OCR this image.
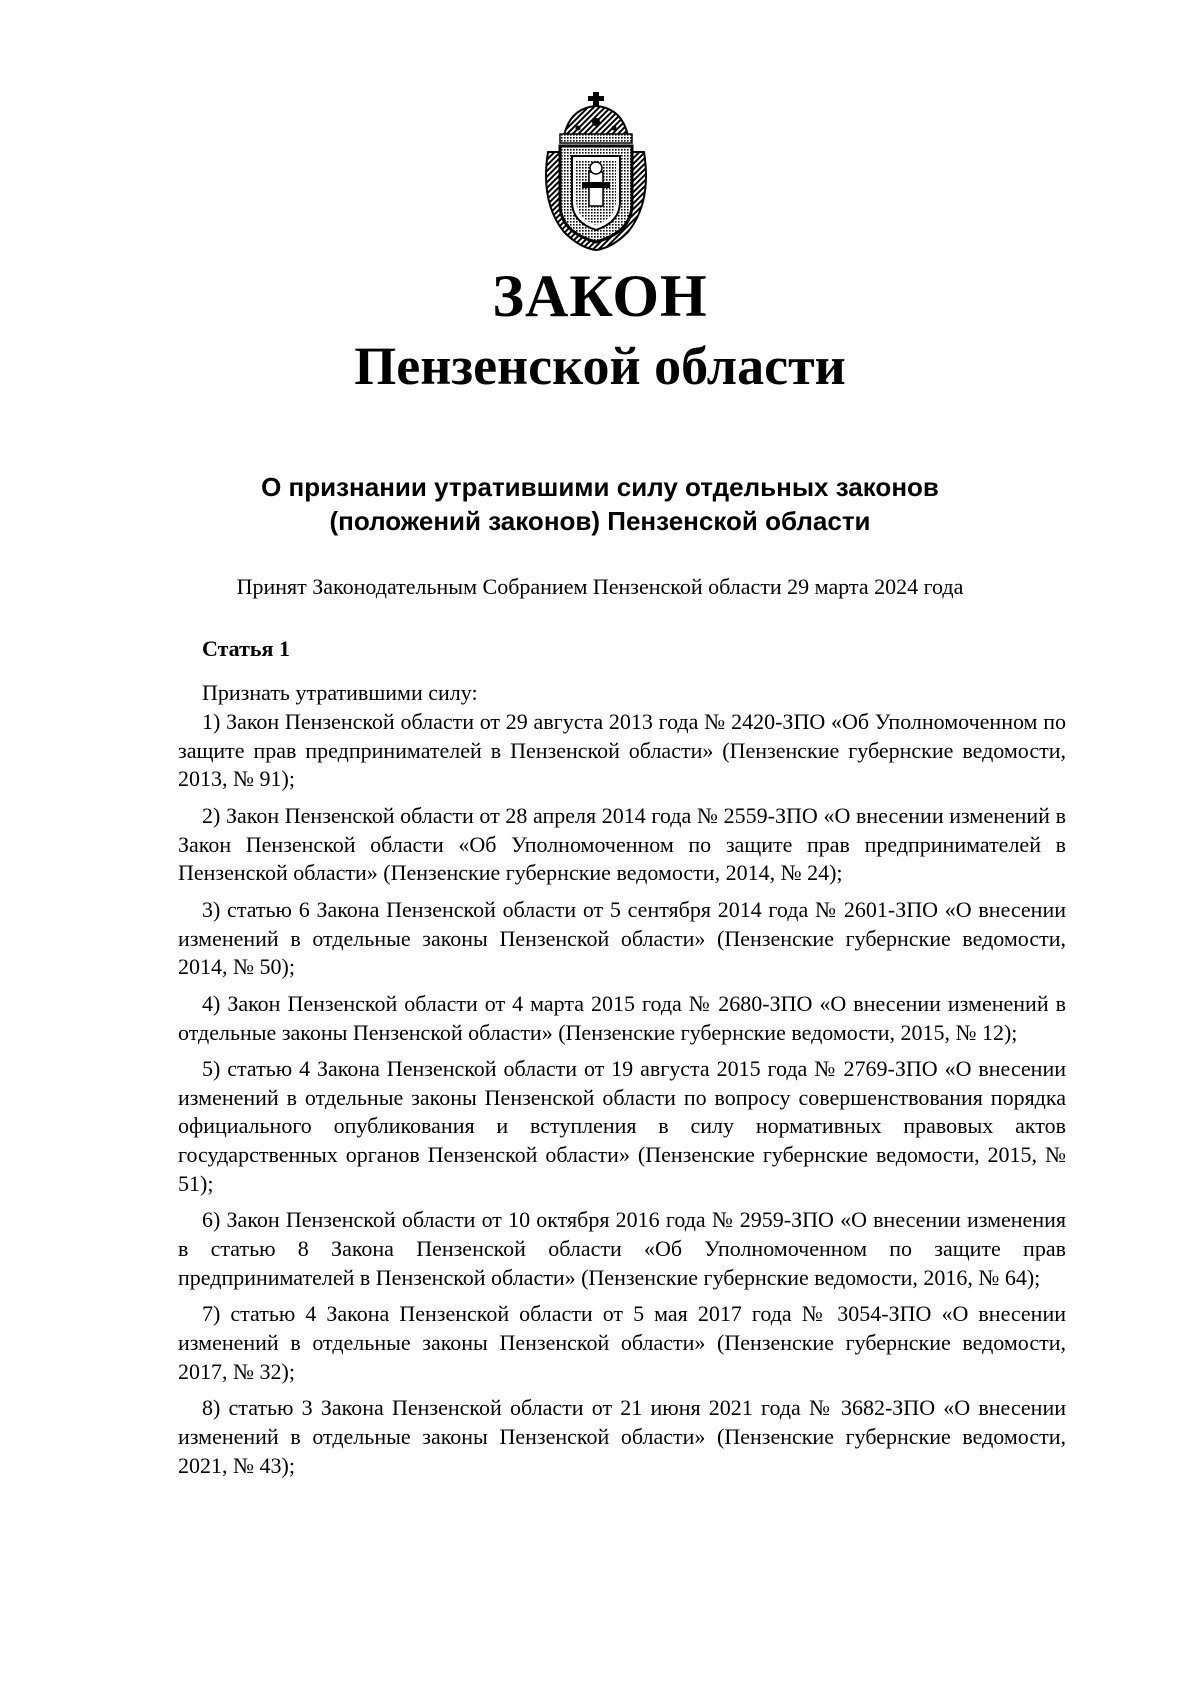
ЗАКОН
Пензенской области
О признании утратившими силу отдельных законов
(положений законов) Пензенской области

Принят Законодательным Собранием Пензенской области 29 марта 2024 года

Статья 1

Признать утратившими силу:

1) Закон Пензенской области от 29 августа 2013 года № 2420-ЗПО «Об Уполномоченном по защите прав предпринимателей в Пензенской области» (Пензенские губернские ведомости, 2013, № 91);

2) Закон Пензенской области от 28 апреля 2014 года № 2559-ЗПО «О внесении изменений в Закон Пензенской области «Об Уполномоченном по защите прав предпринимателей в Пензенской области» (Пензенские губернские ведомости, 2014, № 24);

3) статью 6 Закона Пензенской области от 5 сентября 2014 года № 2601-ЗПО «О внесении изменений в отдельные законы Пензенской области» (Пензенские губернские ведомости, 2014, № 50);

4) Закон Пензенской области от 4 марта 2015 года № 2680-ЗПО «О внесении изменений в отдельные законы Пензенской области» (Пензенские губернские ведомости, 2015, № 12);

5) статью 4 Закона Пензенской области от 19 августа 2015 года № 2769-ЗПО «О внесении изменений в отдельные законы Пензенской области по вопросу совершенствования порядка официального опубликования и вступления в силу нормативных правовых актов государственных органов Пензенской области» (Пензенские губернские ведомости, 2015, № 51);

6) Закон Пензенской области от 10 октября 2016 года № 2959-ЗПО «О внесении изменения в статью 8 Закона Пензенской области «Об Уполномоченном по защите прав предпринимателей в Пензенской области» (Пензенские губернские ведомости, 2016, № 64);

7) статью 4 Закона Пензенской области от 5 мая 2017 года № 3054-ЗПО «О внесении изменений в отдельные законы Пензенской области» (Пензенские губернские ведомости, 2017, № 32);

8) статью 3 Закона Пензенской области от 21 июня 2021 года № 3682-ЗПО «О внесении изменений в отдельные законы Пензенской области» (Пензенские губернские ведомости, 2021, № 43);
